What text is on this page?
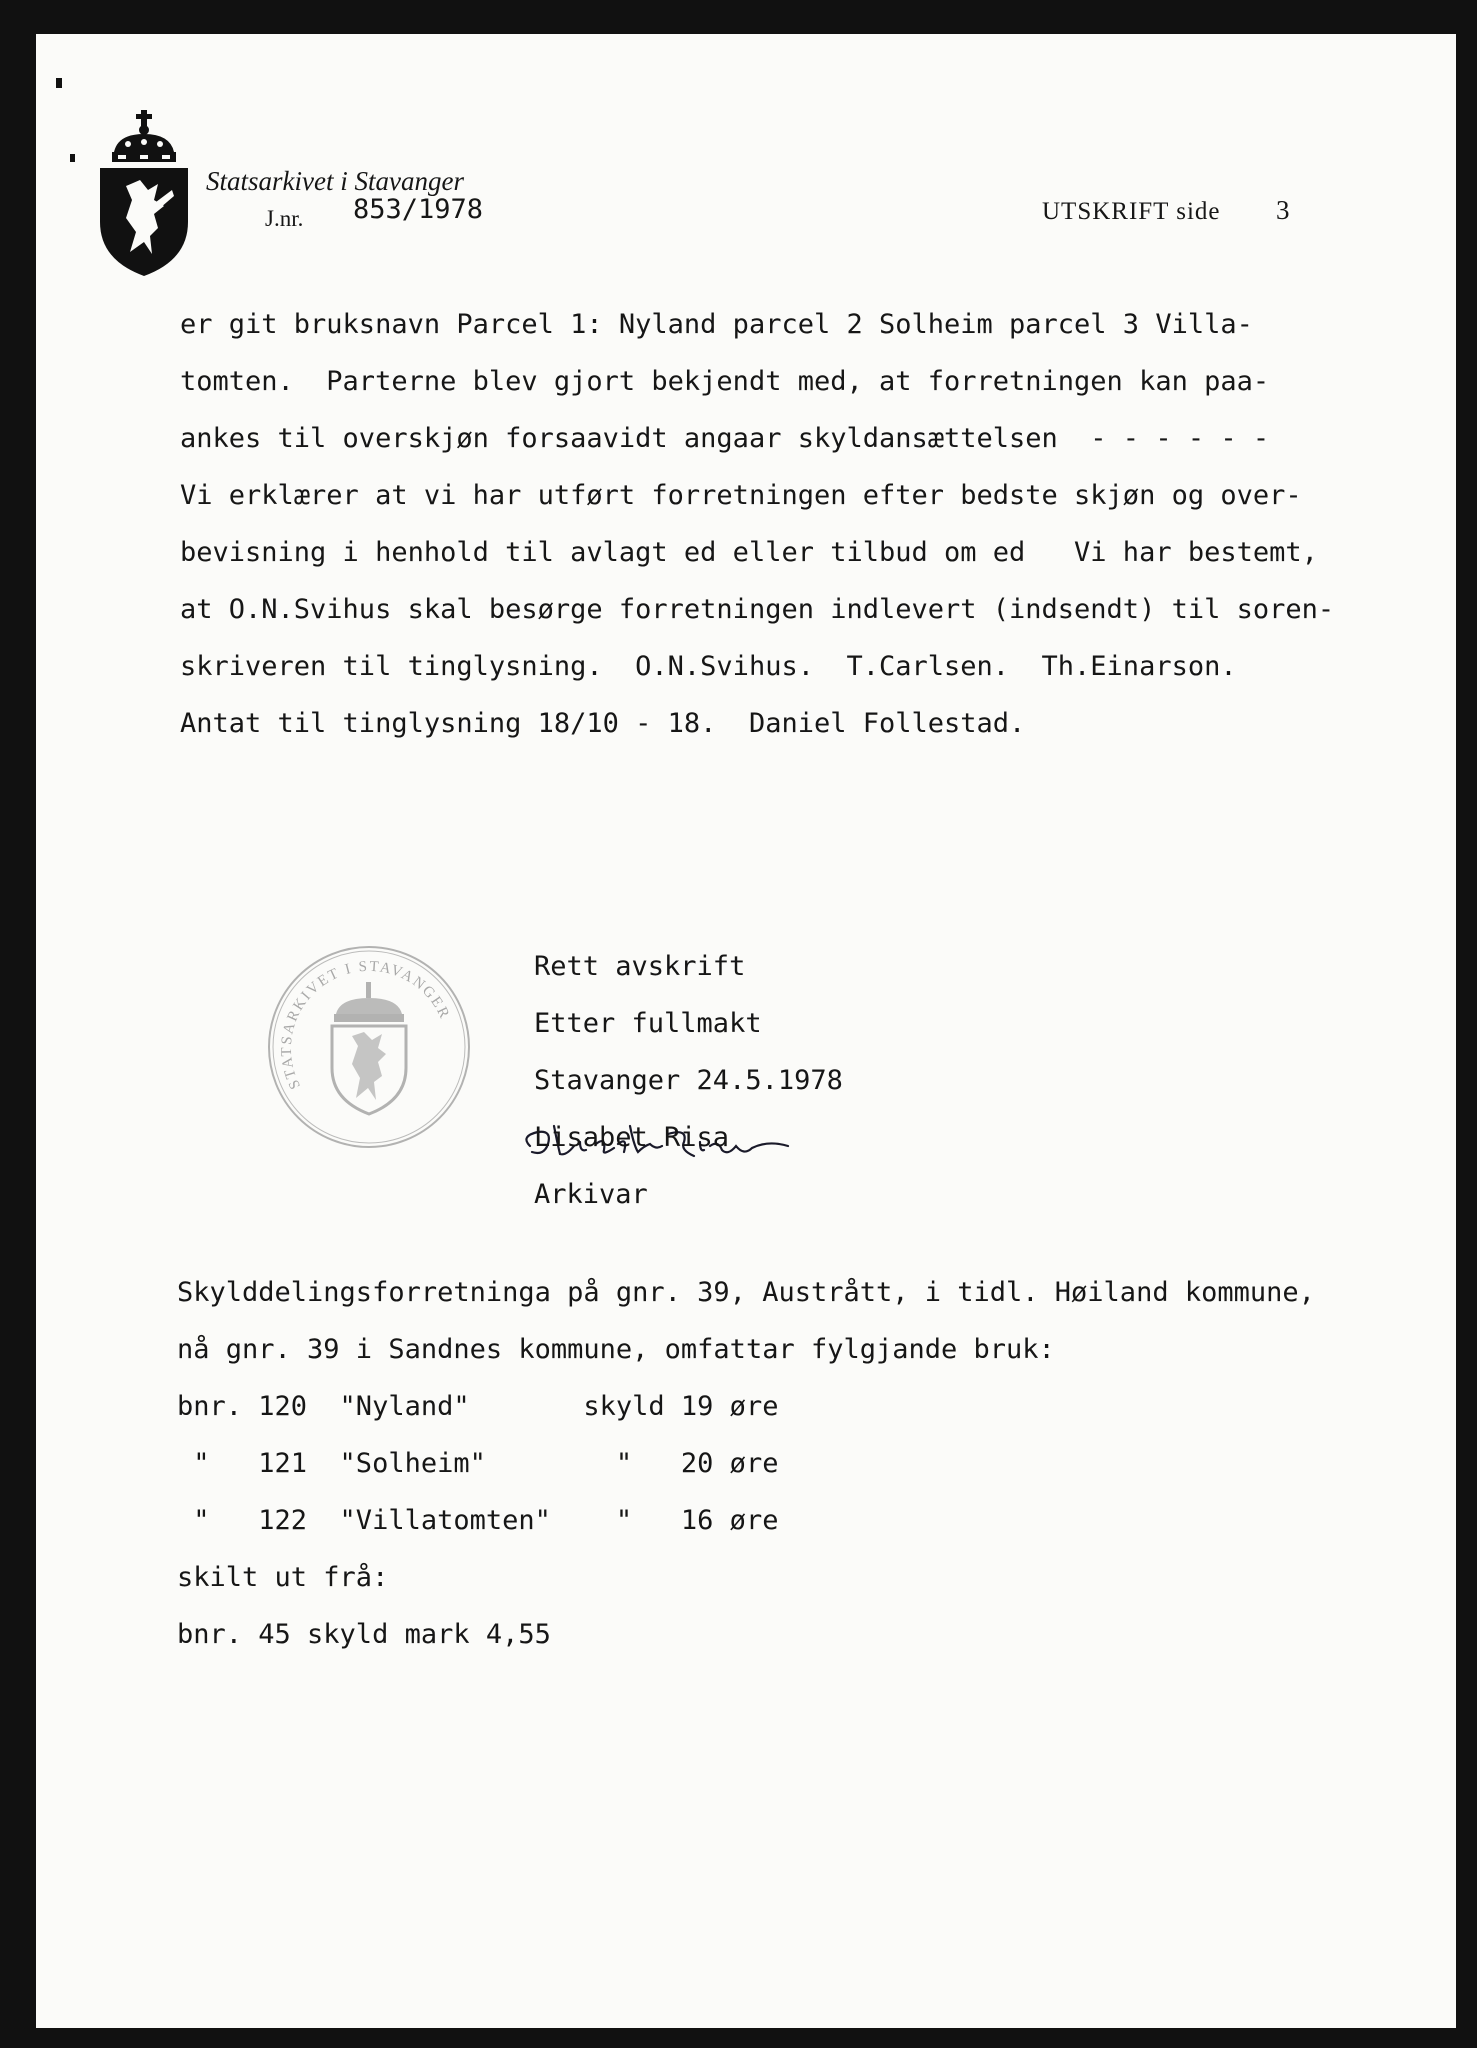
Statsarkivet i Stavanger
J.nr. 853/1978	UTSKRIFT side 3
er git bruksnavn Parcel 1: Nyland parcel 2 Solheim parcel 3 Villa-
tomten.  Parterne blev gjort bekjendt med, at forretningen kan paa-
ankes til overskjøn forsaavidt angaar skyldansættelsen  - - - - - -
Vi erklærer at vi har utført forretningen efter bedste skjøn og over-
bevisning i henhold til avlagt ed eller tilbud om ed   Vi har bestemt,
at O.N.Svihus skal besørge forretningen indlevert (indsendt) til soren-
skriveren til tinglysning.  O.N.Svihus.  T.Carlsen.  Th.Einarson.
Antat til tinglysning 18/10 - 18.  Daniel Follestad.
STATSARKIVET I STAVANGER
Rett avskrift
Etter fullmakt
Stavanger 24.5.1978
Lisabet Risa
Arkivar
Skylddelingsforretninga på gnr. 39, Austrått, i tidl. Høiland kommune,
nå gnr. 39 i Sandnes kommune, omfattar fylgjande bruk:
bnr. 120  "Nyland"       skyld 19 øre
"   121  "Solheim"        "   20 øre
"   122  "Villatomten"    "   16 øre
skilt ut frå:
bnr. 45 skyld mark 4,55
